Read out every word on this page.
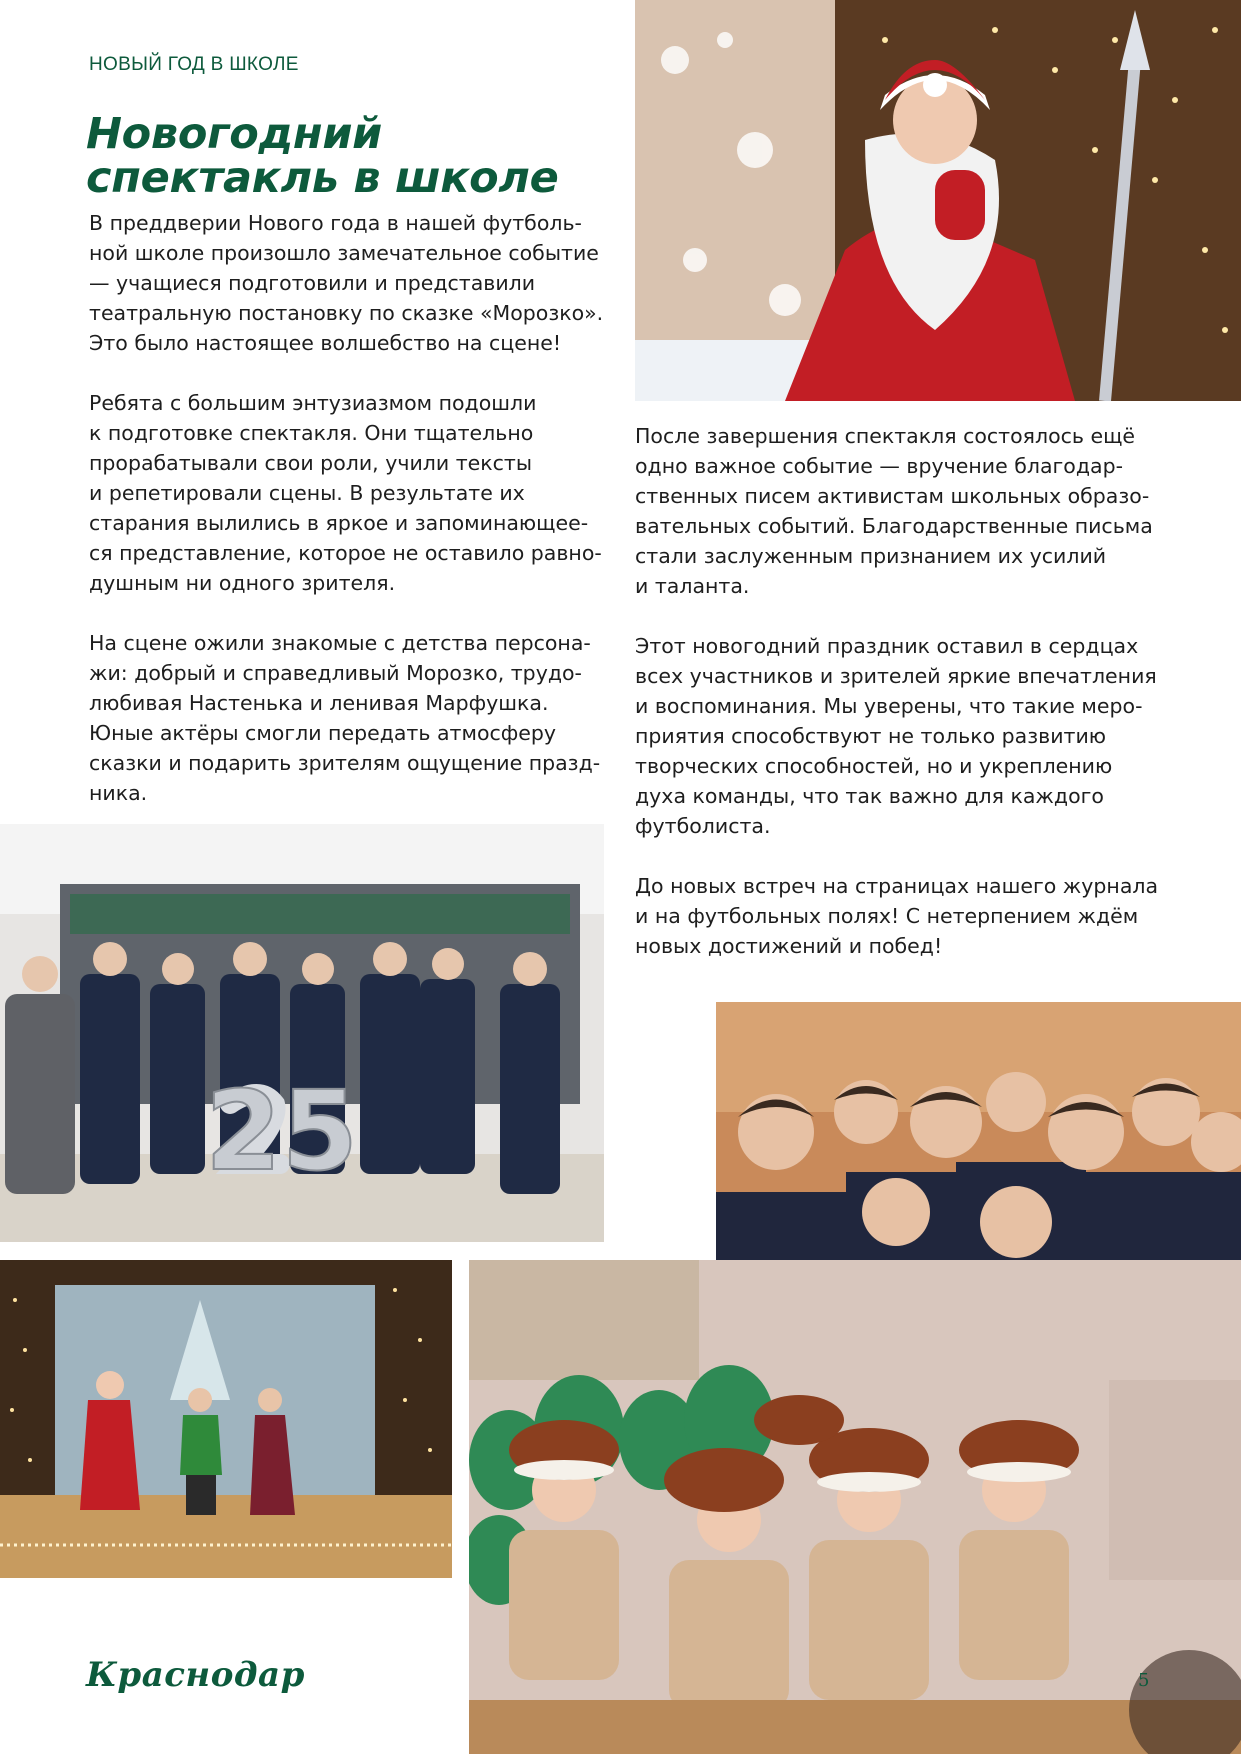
НОВЫЙ ГОД В ШКОЛЕ
Новогодний
спектакль в школе

В преддверии Нового года в нашей футболь-
ной школе произошло замечательное событие
— учащиеся подготовили и представили
театральную постановку по сказке «Морозко».
Это было настоящее волшебство на сцене!

Ребята с большим энтузиазмом подошли
к подготовке спектакля. Они тщательно
прорабатывали свои роли, учили тексты
и репетировали сцены. В результате их
старания вылились в яркое и запоминающее-
ся представление, которое не оставило равно-
душным ни одного зрителя.

На сцене ожили знакомые с детства персона-
жи: добрый и справедливый Морозко, трудо-
любивая Настенька и ленивая Марфушка.
Юные актёры смогли передать атмосферу
сказки и подарить зрителям ощущение празд-
ника.

После завершения спектакля состоялось ещё
одно важное событие — вручение благодар-
ственных писем активистам школьных образо-
вательных событий. Благодарственные письма
стали заслуженным признанием их усилий
и таланта.

Этот новогодний праздник оставил в сердцах
всех участников и зрителей яркие впечатления
и воспоминания. Мы уверены, что такие меро-
приятия способствуют не только развитию
творческих способностей, но и укреплению
духа команды, что так важно для каждого
футболиста.

До новых встреч на страницах нашего журнала
и на футбольных полях! С нетерпением ждём
новых достижений и побед!

25
Краснодар	5
